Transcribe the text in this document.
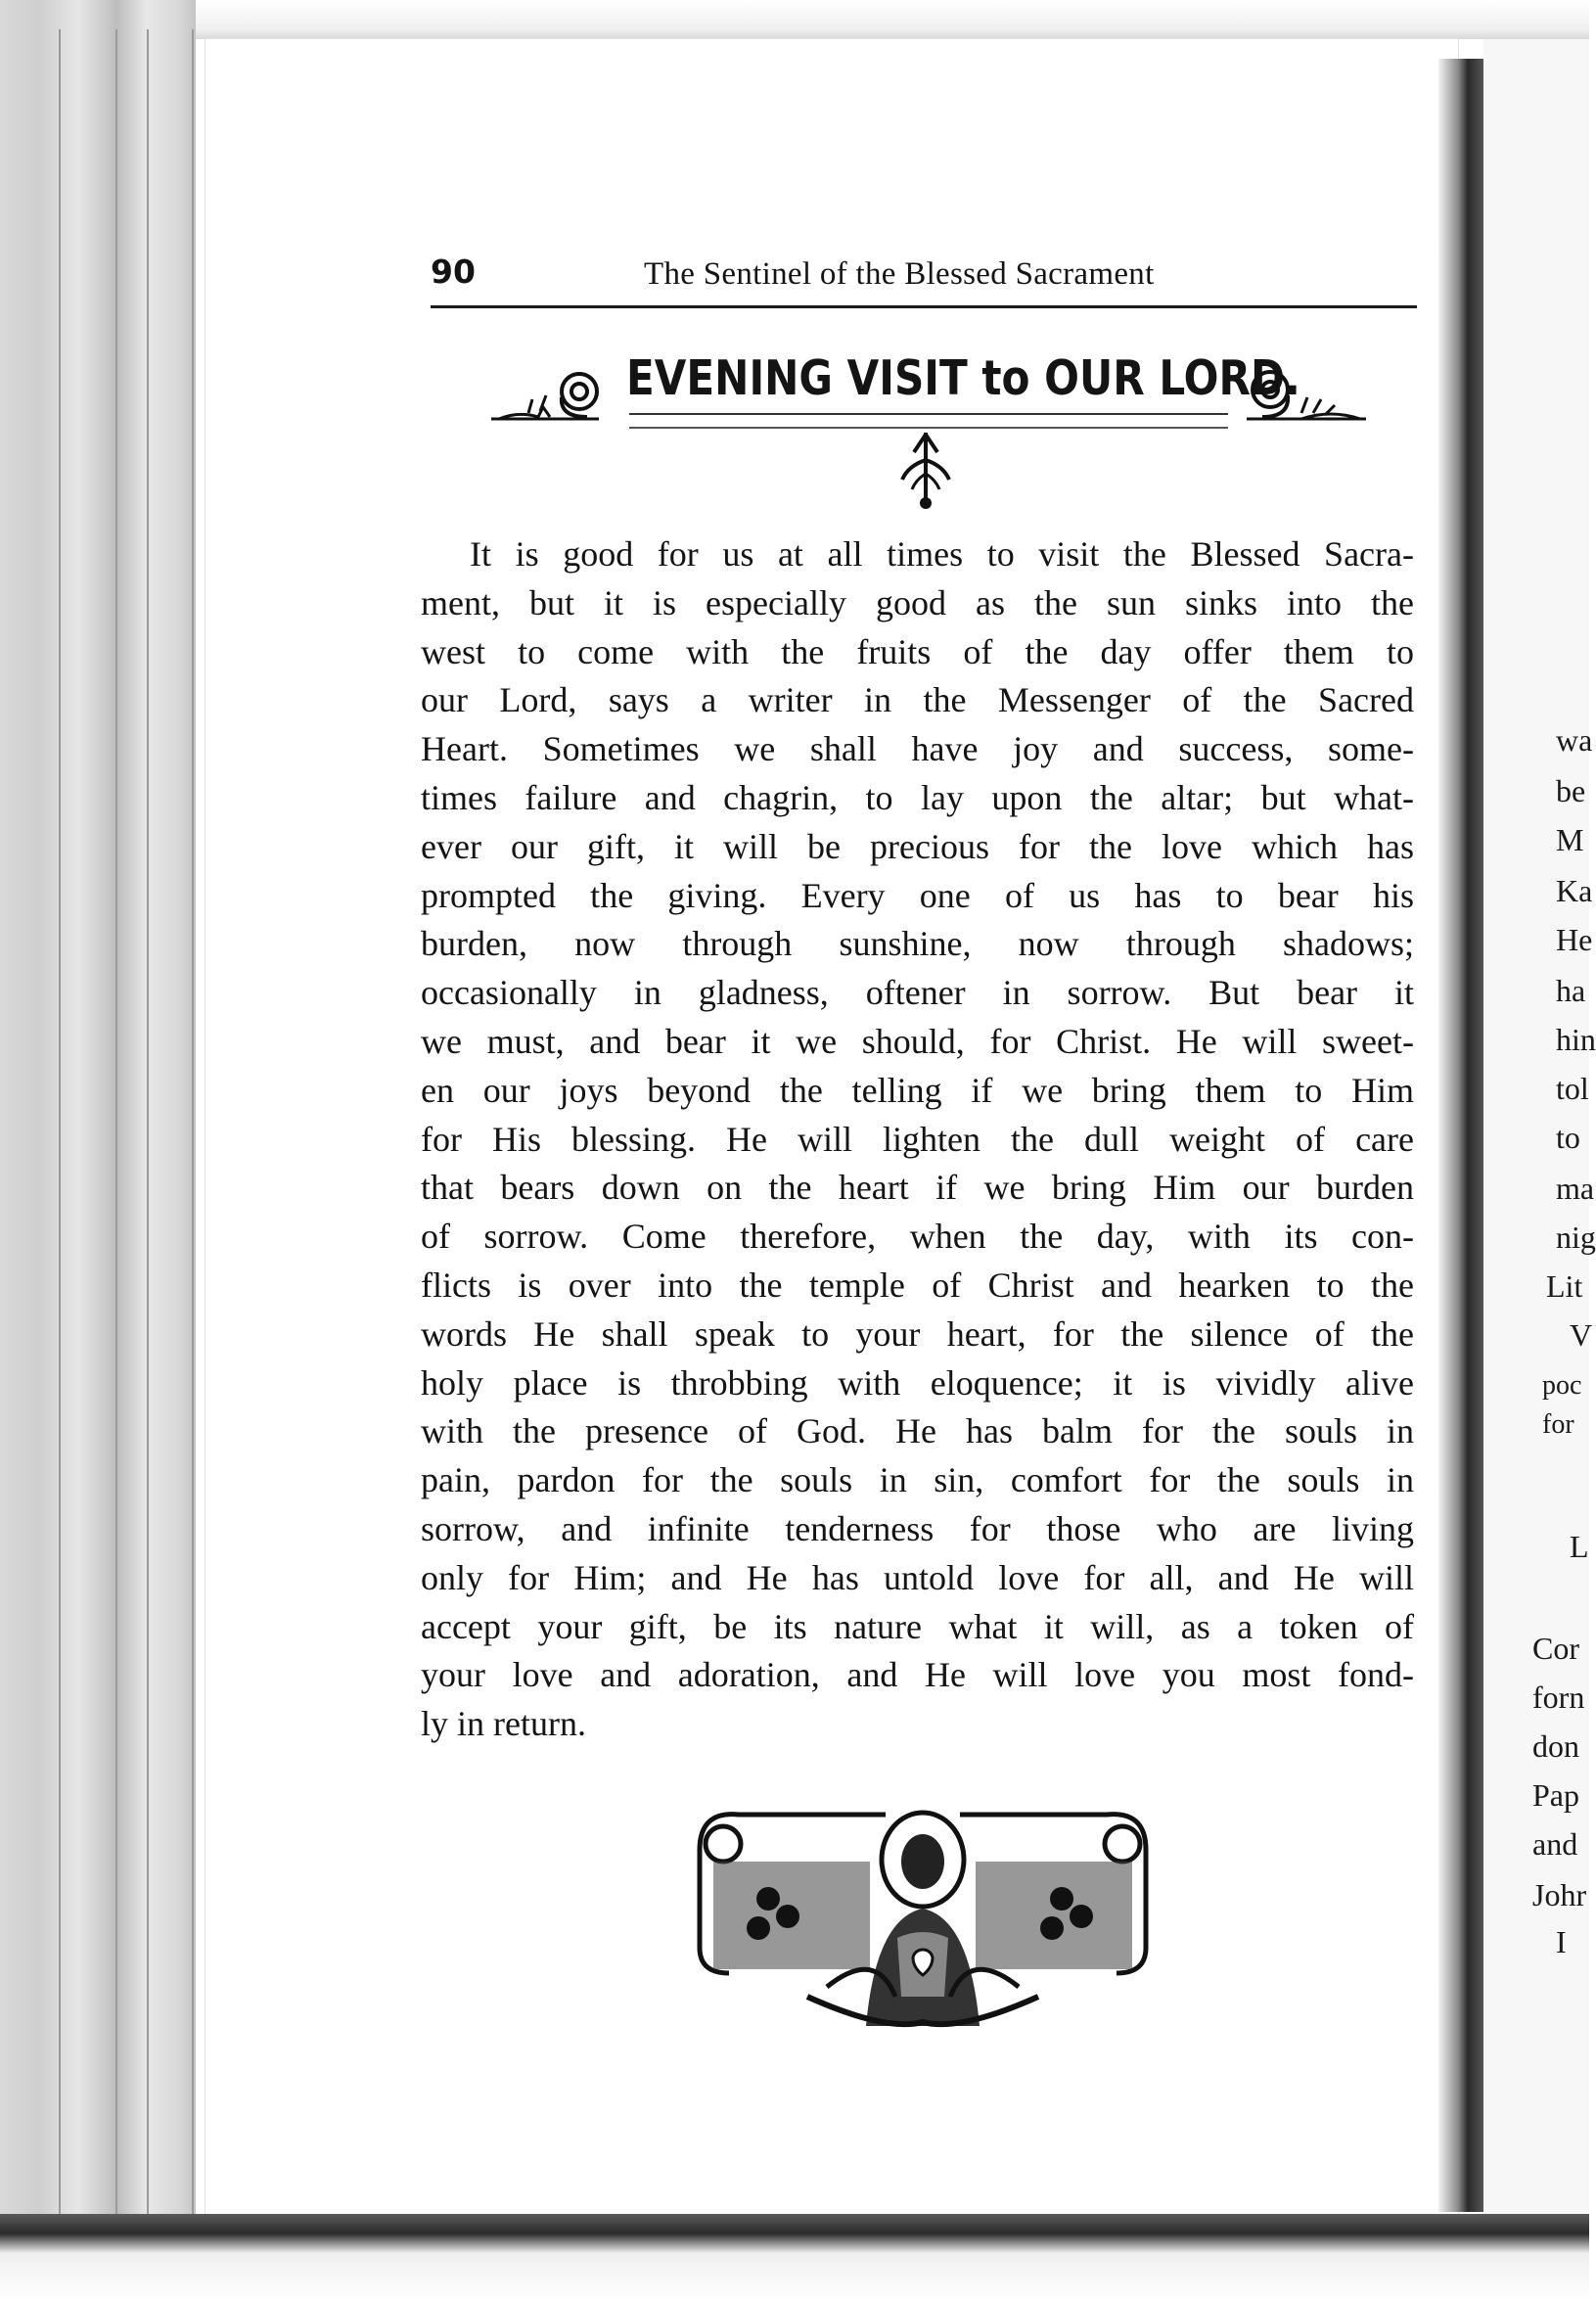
90	The Sentinel of the Blessed Sacrament
EVENING VISIT to OUR LORD.
It is good for us at all times to visit the Blessed Sacra-
ment, but it is especially good as the sun sinks into the
west to come with the fruits of the day offer them to
our Lord, says a writer in the Messenger of the Sacred
Heart. Sometimes we shall have joy and success, some-
times failure and chagrin, to lay upon the altar; but what-
ever our gift, it will be precious for the love which has
prompted the giving. Every one of us has to bear his
burden, now through sunshine, now through shadows;
occasionally in gladness, oftener in sorrow. But bear it
we must, and bear it we should, for Christ. He will sweet-
en our joys beyond the telling if we bring them to Him
for His blessing. He will lighten the dull weight of care
that bears down on the heart if we bring Him our burden
of sorrow. Come therefore, when the day, with its con-
flicts is over into the temple of Christ and hearken to the
words He shall speak to your heart, for the silence of the
holy place is throbbing with eloquence; it is vividly alive
with the presence of God. He has balm for the souls in
pain, pardon for the souls in sin, comfort for the souls in
sorrow, and infinite tenderness for those who are living
only for Him; and He has untold love for all, and He will
accept your gift, be its nature what it will, as a token of
your love and adoration, and He will love you most fond-
ly in return.
wa
be
M
Ka
He
ha
hin
tol
to
ma
nig
Lit
V
poc
for
L
Cor
forn
don
Pap
and
Johr
I
